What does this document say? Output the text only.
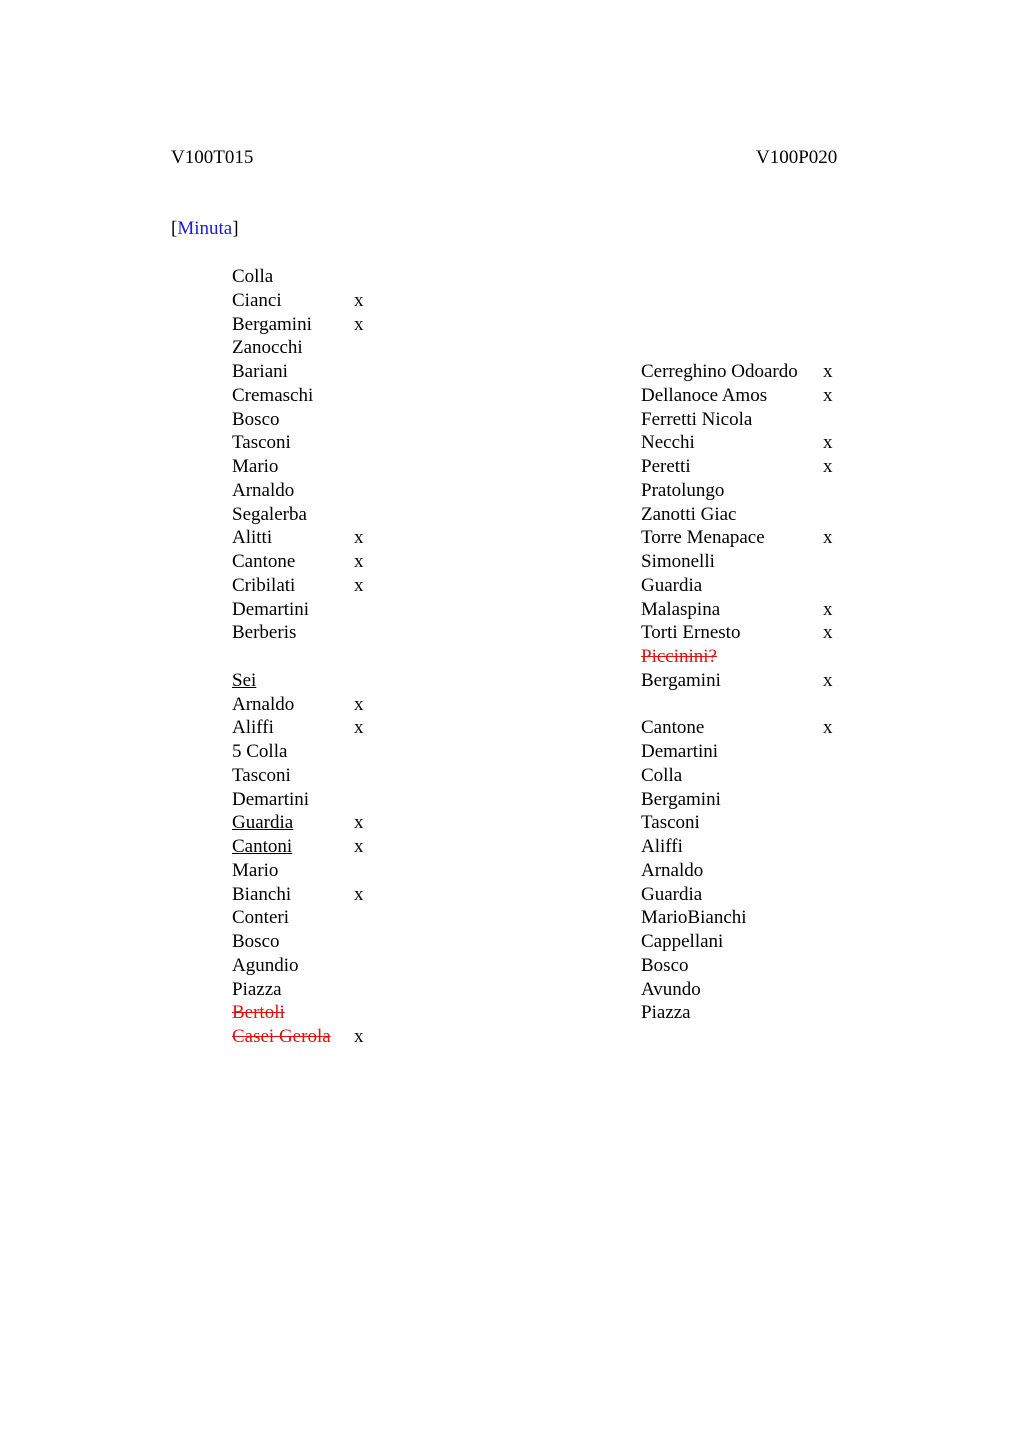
V100T015	V100P020
[Minuta]
Colla
Cianci	x
Bergamini x
Zanocchi
Bariani
Cremaschi
Bosco
Tasconi
Mario
Arnaldo
Segalerba
Alitti	x
Cantone	x
Cribilati	x
Demartini
Berberis
Sei
Arnaldo	x
Aliffi	x
5 Colla
Tasconi
Demartini
Guardia	x
Cantoni	x
Mario
Bianchi	x
Conteri
Bosco
Agundio
Piazza
Bertoli
Casei Gerola x
Cerreghino Odoardo x
Dellanoce Amos	x
Ferretti Nicola
Necchi	x
Peretti	x
Pratolungo
Zanotti Giac
Torre Menapace	x
Simonelli
Guardia
Malaspina	x
Torti Ernesto	x
Piccinini?
Bergamini	x
Cantone	x
Demartini
Colla
Bergamini
Tasconi
Aliffi
Arnaldo
Guardia
MarioBianchi
Cappellani
Bosco
Avundo
Piazza
